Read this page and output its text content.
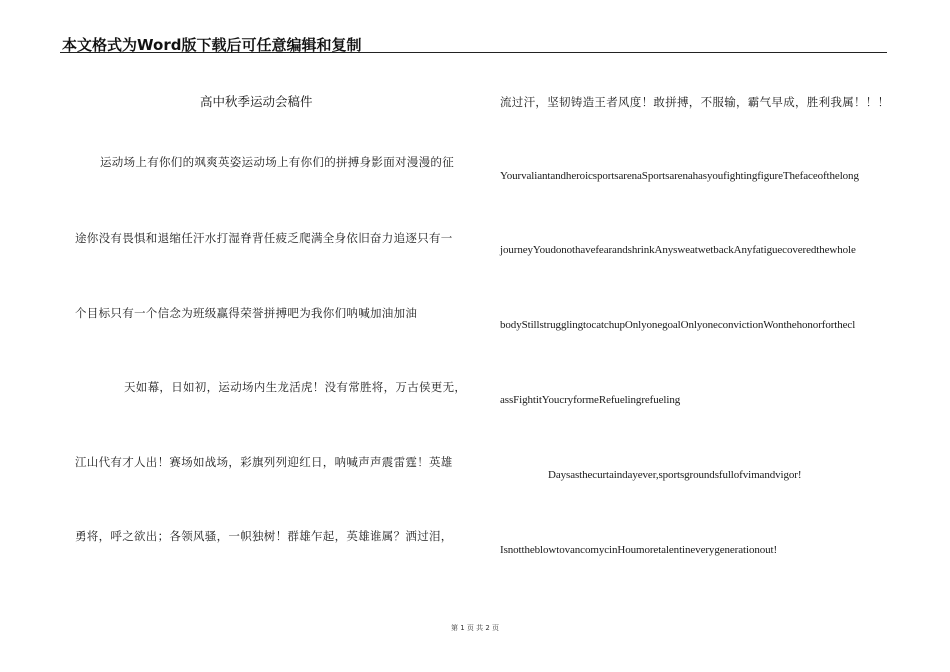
本文格式为Word版下载后可任意编辑和复制
高中秋季运动会稿件
运动场上有你们的飒爽英姿运动场上有你们的拼搏身影面对漫漫的征
途你没有畏惧和退缩任汗水打湿脊背任疲乏爬满全身依旧奋力追逐只有一
个目标只有一个信念为班级赢得荣誉拼搏吧为我你们呐喊加油加油
天如幕，日如初，运动场内生龙活虎！没有常胜将，万古侯更无，
江山代有才人出！赛场如战场，彩旗列列迎红日，呐喊声声震雷霆！英雄
勇将，呼之欲出；各领风骚，一帜独树！群雄乍起，英雄谁属？洒过泪，
流过汗，坚韧铸造王者风度！敢拼搏，不服输，霸气早成，胜利我属！！！
YourvaliantandheroicsportsarenaSportsarenahasyoufightingfigureThefaceofthelong
journeyYoudonothavefearandshrinkAnysweatwetbackAnyfatiguecoveredthewhole
bodyStillstrugglingtocatchupOnlyonegoalOnlyoneconvictionWonthehonorforthecl
assFightitYoucryformeRefuelingrefueling
Daysasthecurtaindayever,sportsgroundsfullofvimandvigor!
IsnottheblowtovancomycinHoumoretalentineverygenerationout!
第 1 页 共 2 页
